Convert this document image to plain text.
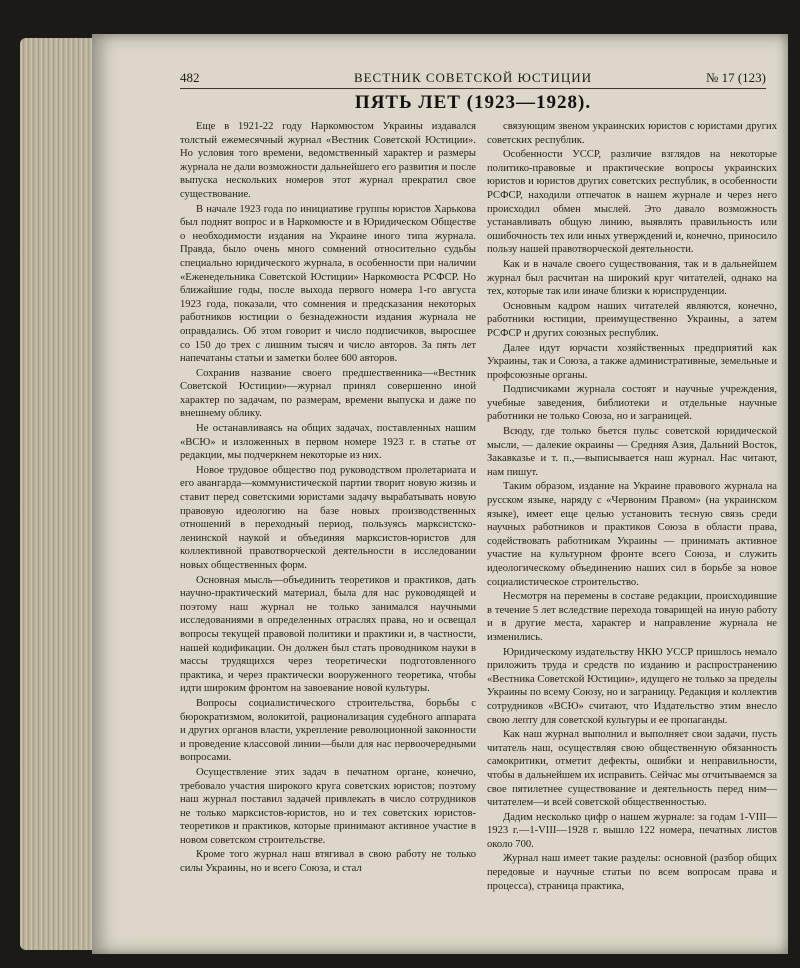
482	ВЕСТНИК СОВЕТСКОЙ ЮСТИЦИИ	№ 17 (123)
ПЯТЬ ЛЕТ (1923—1928).

Еще в 1921-22 году Наркомюстом Украины издавался толстый ежемесячный журнал «Вестник Советской Юстиции». Но условия того времени, ведомственный характер и размеры журнала не дали возможности дальнейшего его развития и после выпуска нескольких номеров этот журнал прекратил свое существование.

В начале 1923 года по инициативе группы юристов Харькова был поднят вопрос и в Наркомюсте и в Юридическом Обществе о необходимости издания на Украине иного типа журнала. Правда, было очень много сомнений относительно судьбы специально юридического журнала, в особенности при наличии «Еженедельника Советской Юстиции» Наркомюста РСФСР. Но ближайшие годы, после выхода первого номера 1-го августа 1923 года, показали, что сомнения и предсказания некоторых работников юстиции о безнадежности издания журнала не оправдались. Об этом говорит и число подписчиков, выросшее со 150 до трех с лишним тысяч и число авторов. За пять лет напечатаны статьи и заметки более 600 авторов.

Сохранив название своего предшественника—«Вестник Советской Юстиции»—журнал принял совершенно иной характер по задачам, по размерам, времени выпуска и даже по внешнему облику.

Не останавливаясь на общих задачах, поставленных нашим «ВСЮ» и изложенных в первом номере 1923 г. в статье от редакции, мы подчеркнем некоторые из них.

Новое трудовое общество под руководством пролетариата и его авангарда—коммунистической партии творит новую жизнь и ставит перед советскими юристами задачу вырабатывать новую правовую идеологию на базе новых производственных отношений в переходный период, пользуясь марксистско-ленинской наукой и объединяя марксистов-юристов для коллективной правотворческой деятельности в исследовании новых общественных форм.

Основная мысль—объединить теоретиков и практиков, дать научно-практический материал, была для нас руководящей и поэтому наш журнал не только занимался научными исследованиями в определенных отраслях права, но и освещал вопросы текущей правовой политики и практики и, в частности, нашей кодификации. Он должен был стать проводником науки в массы трудящихся через теоретически подготовленного практика, и через практически вооруженного теоретика, чтобы идти широким фронтом на завоевание новой культуры.

Вопросы социалистического строительства, борьбы с бюрократизмом, волокитой, рационализация судебного аппарата и других органов власти, укрепление революционной законности и проведение классовой линии—были для нас первоочередными вопросами.

Осуществление этих задач в печатном органе, конечно, требовало участия широкого круга советских юристов; поэтому наш журнал поставил задачей привлекать в число сотрудников не только марксистов-юристов, но и тех советских юристов-теоретиков и практиков, которые принимают активное участие в новом советском строительстве.

Кроме того журнал наш втягивал в свою работу не только силы Украины, но и всего Союза, и стал

связующим звеном украинских юристов с юристами других советских республик.

Особенности УССР, различие взглядов на некоторые политико-правовые и практические вопросы украинских юристов и юристов других советских республик, в особенности РСФСР, находили отпечаток в нашем журнале и через него происходил обмен мыслей. Это давало возможность устанавливать общую линию, выявлять правильность или ошибочность тех или иных утверждений и, конечно, приносило пользу нашей правотворческой деятельности.

Как и в начале своего существования, так и в дальнейшем журнал был расчитан на широкий круг читателей, однако на тех, которые так или иначе близки к юриспруденции.

Основным кадром наших читателей являются, конечно, работники юстиции, преимущественно Украины, а затем РСФСР и других союзных республик.

Далее идут юрчасти хозяйственных предприятий как Украины, так и Союза, а также административные, земельные и профсоюзные органы.

Подписчиками журнала состоят и научные учреждения, учебные заведения, библиотеки и отдельные научные работники не только Союза, но и заграницей.

Всюду, где только бьется пульс советской юридической мысли, — далекие окраины — Средняя Азия, Дальний Восток, Закавказье и т. п.,—выписывается наш журнал. Нас читают, нам пишут.

Таким образом, издание на Украине правового журнала на русском языке, наряду с «Червоним Правом» (на украинском языке), имеет еще целью установить тесную связь среди научных работников и практиков Союза в области права, содействовать работникам Украины — принимать активное участие на культурном фронте всего Союза, и служить идеологическому объединению наших сил в борьбе за новое социалистическое строительство.

Несмотря на перемены в составе редакции, происходившие в течение 5 лет вследствие перехода товарищей на иную работу и в другие места, характер и направление журнала не изменились.

Юридическому издательству НКЮ УССР пришлось немало приложить труда и средств по изданию и распространению «Вестника Советской Юстиции», идущего не только за пределы Украины по всему Союзу, но и заграницу. Редакция и коллектив сотрудников «ВСЮ» считают, что Издательство этим внесло свою лепту для советской культуры и ее пропаганды.

Как наш журнал выполнил и выполняет свои задачи, пусть читатель наш, осуществляя свою общественную обязанность самокритики, отметит дефекты, ошибки и неправильности, чтобы в дальнейшем их исправить. Сейчас мы отчитываемся за свое пятилетнее существование и деятельность перед ним—читателем—и всей советской общественностью.

Дадим несколько цифр о нашем журнале: за годам 1-VIII—1923 г.—1-VIII—1928 г. вышло 122 номера, печатных листов около 700.

Журнал наш имеет такие разделы: основной (разбор общих передовые и научные статьи по всем вопросам права и процесса), страница практика,
